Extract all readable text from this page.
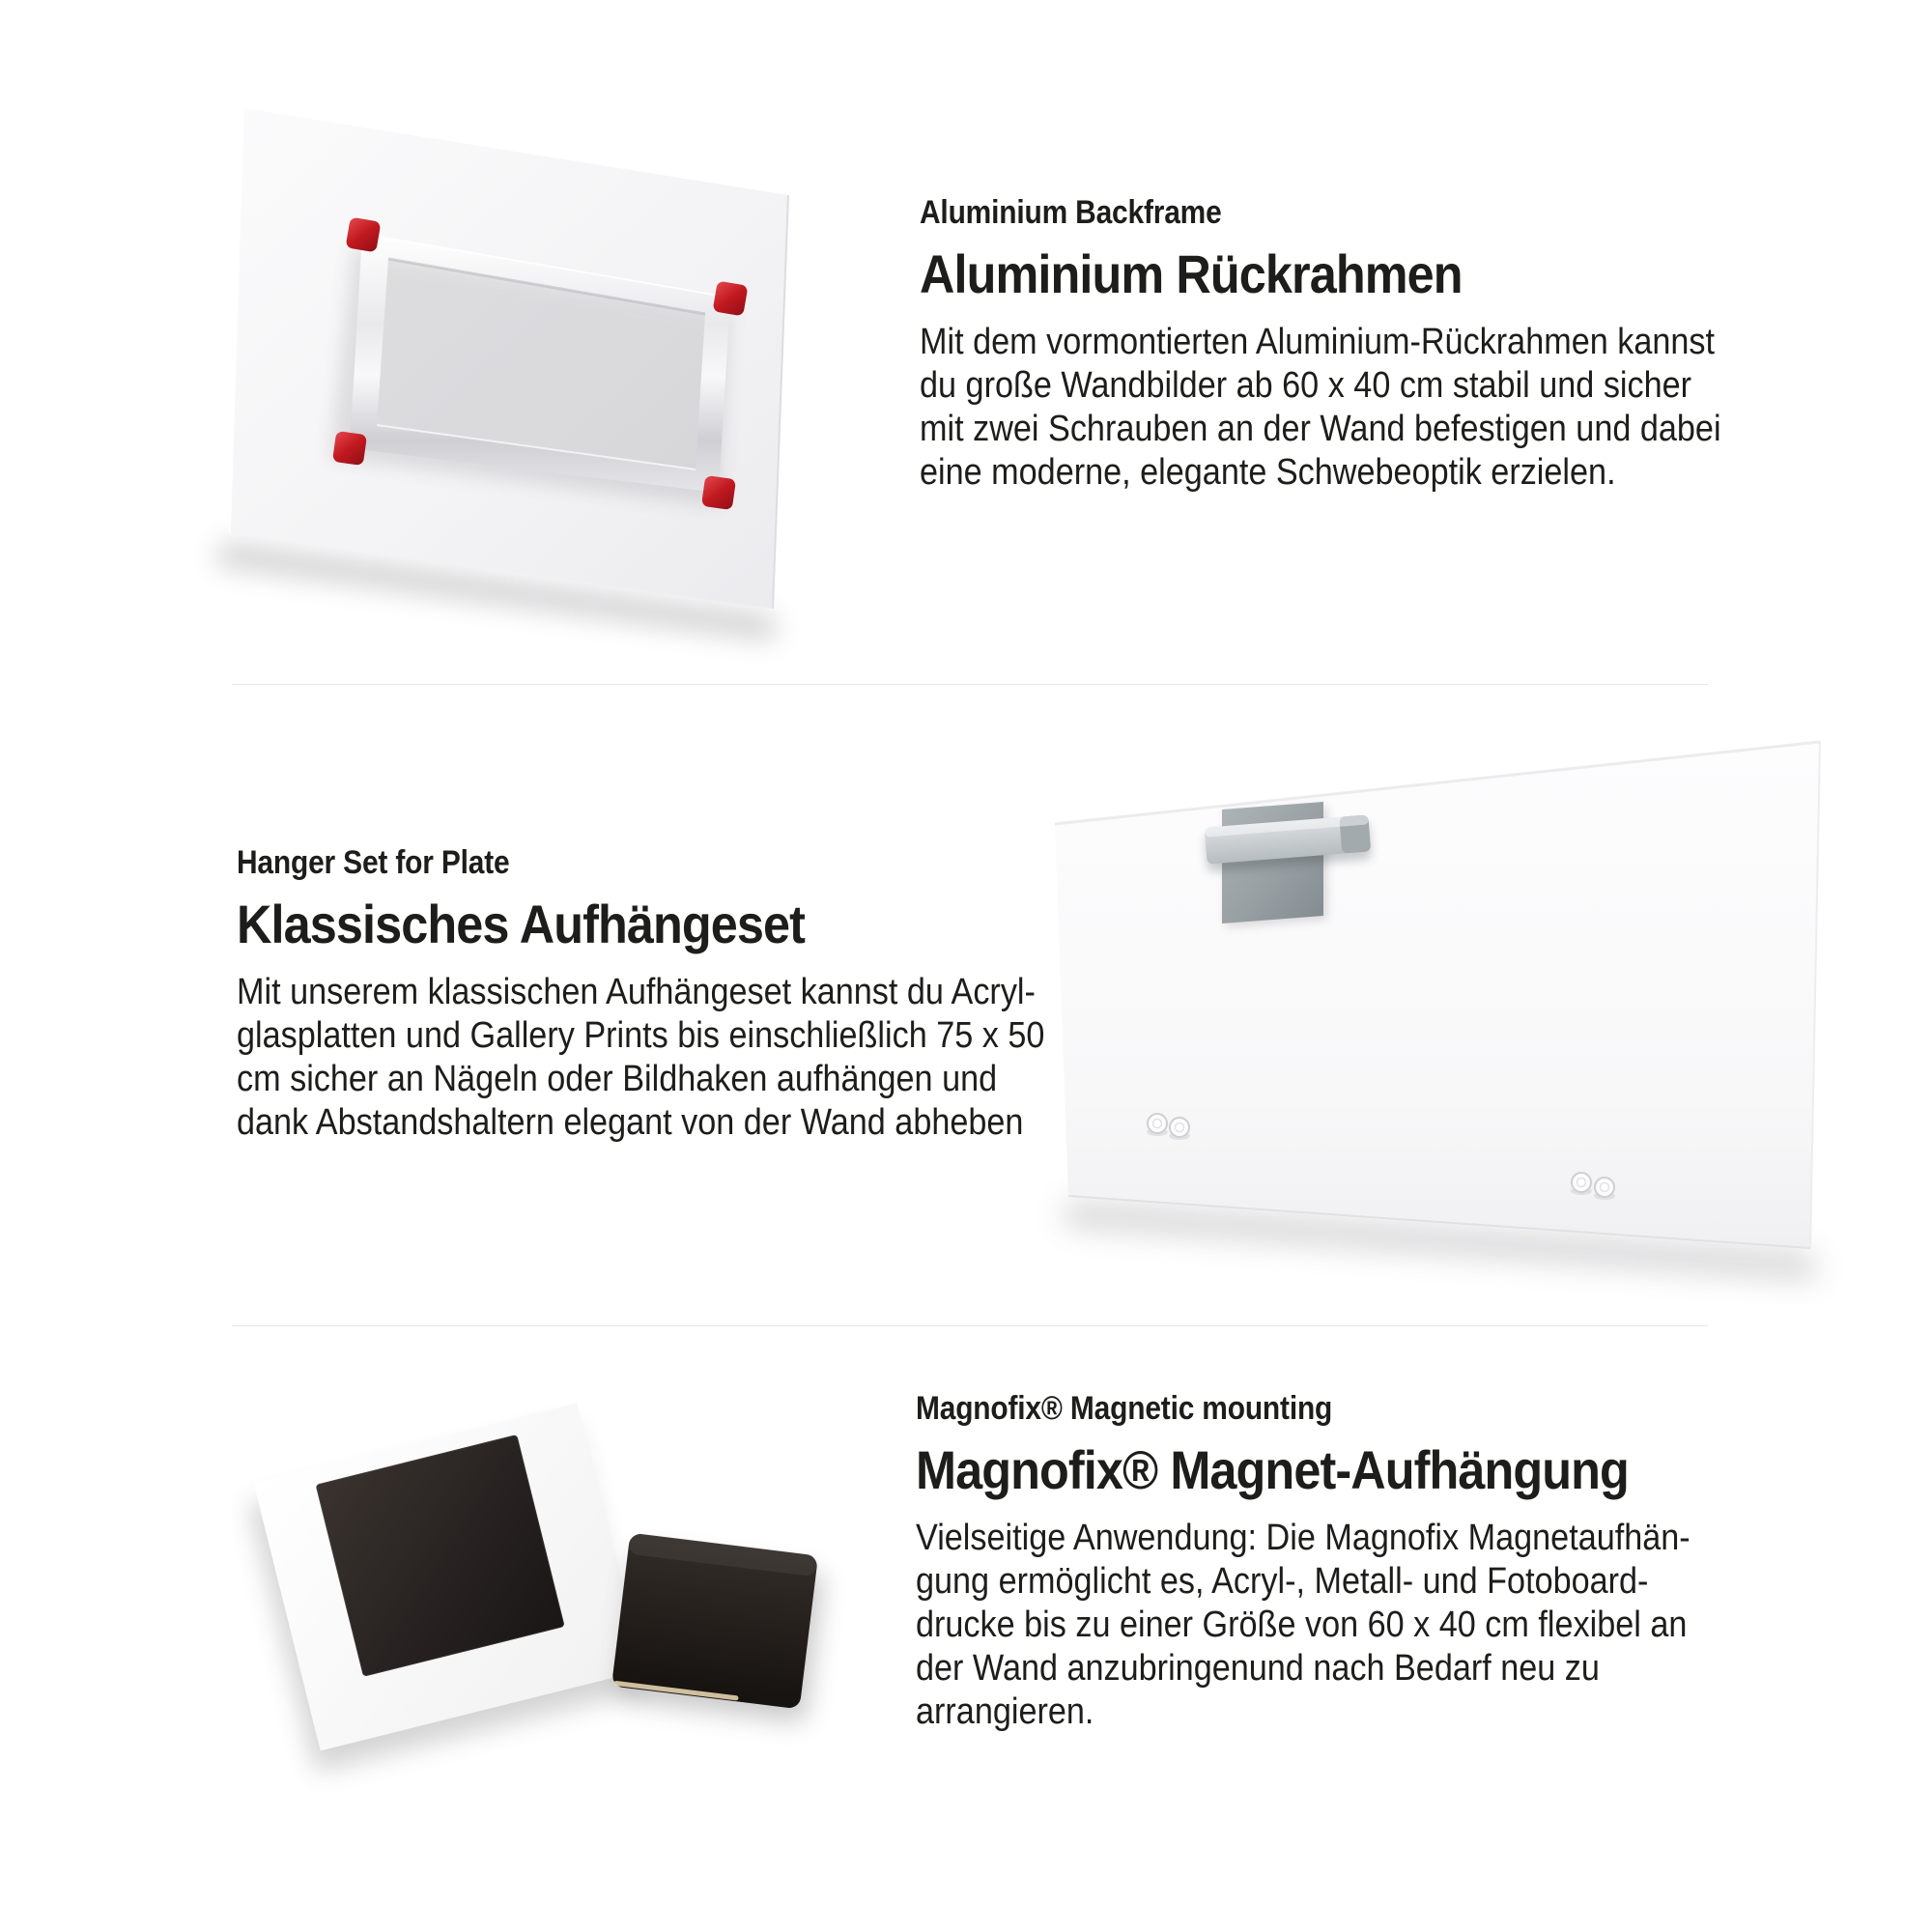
Aluminium Backframe
Aluminium Rückrahmen
Mit dem vormontierten Aluminium-Rückrahmen kannst
du große Wandbilder ab 60 x 40 cm stabil und sicher
mit zwei Schrauben an der Wand befestigen und dabei
eine moderne, elegante Schwebeoptik erzielen.
Hanger Set for Plate
Klassisches Aufhängeset
Mit unserem klassischen Aufhängeset kannst du Acryl-
glasplatten und Gallery Prints bis einschließlich 75 x 50
cm sicher an Nägeln oder Bildhaken aufhängen und
dank Abstandshaltern elegant von der Wand abheben
Magnofix® Magnetic mounting
Magnofix® Magnet-Aufhängung
Vielseitige Anwendung: Die Magnofix Magnetaufhän-
gung ermöglicht es, Acryl-, Metall- und Fotoboard-
drucke bis zu einer Größe von 60 x 40 cm flexibel an
der Wand anzubringenund nach Bedarf neu zu
arrangieren.
